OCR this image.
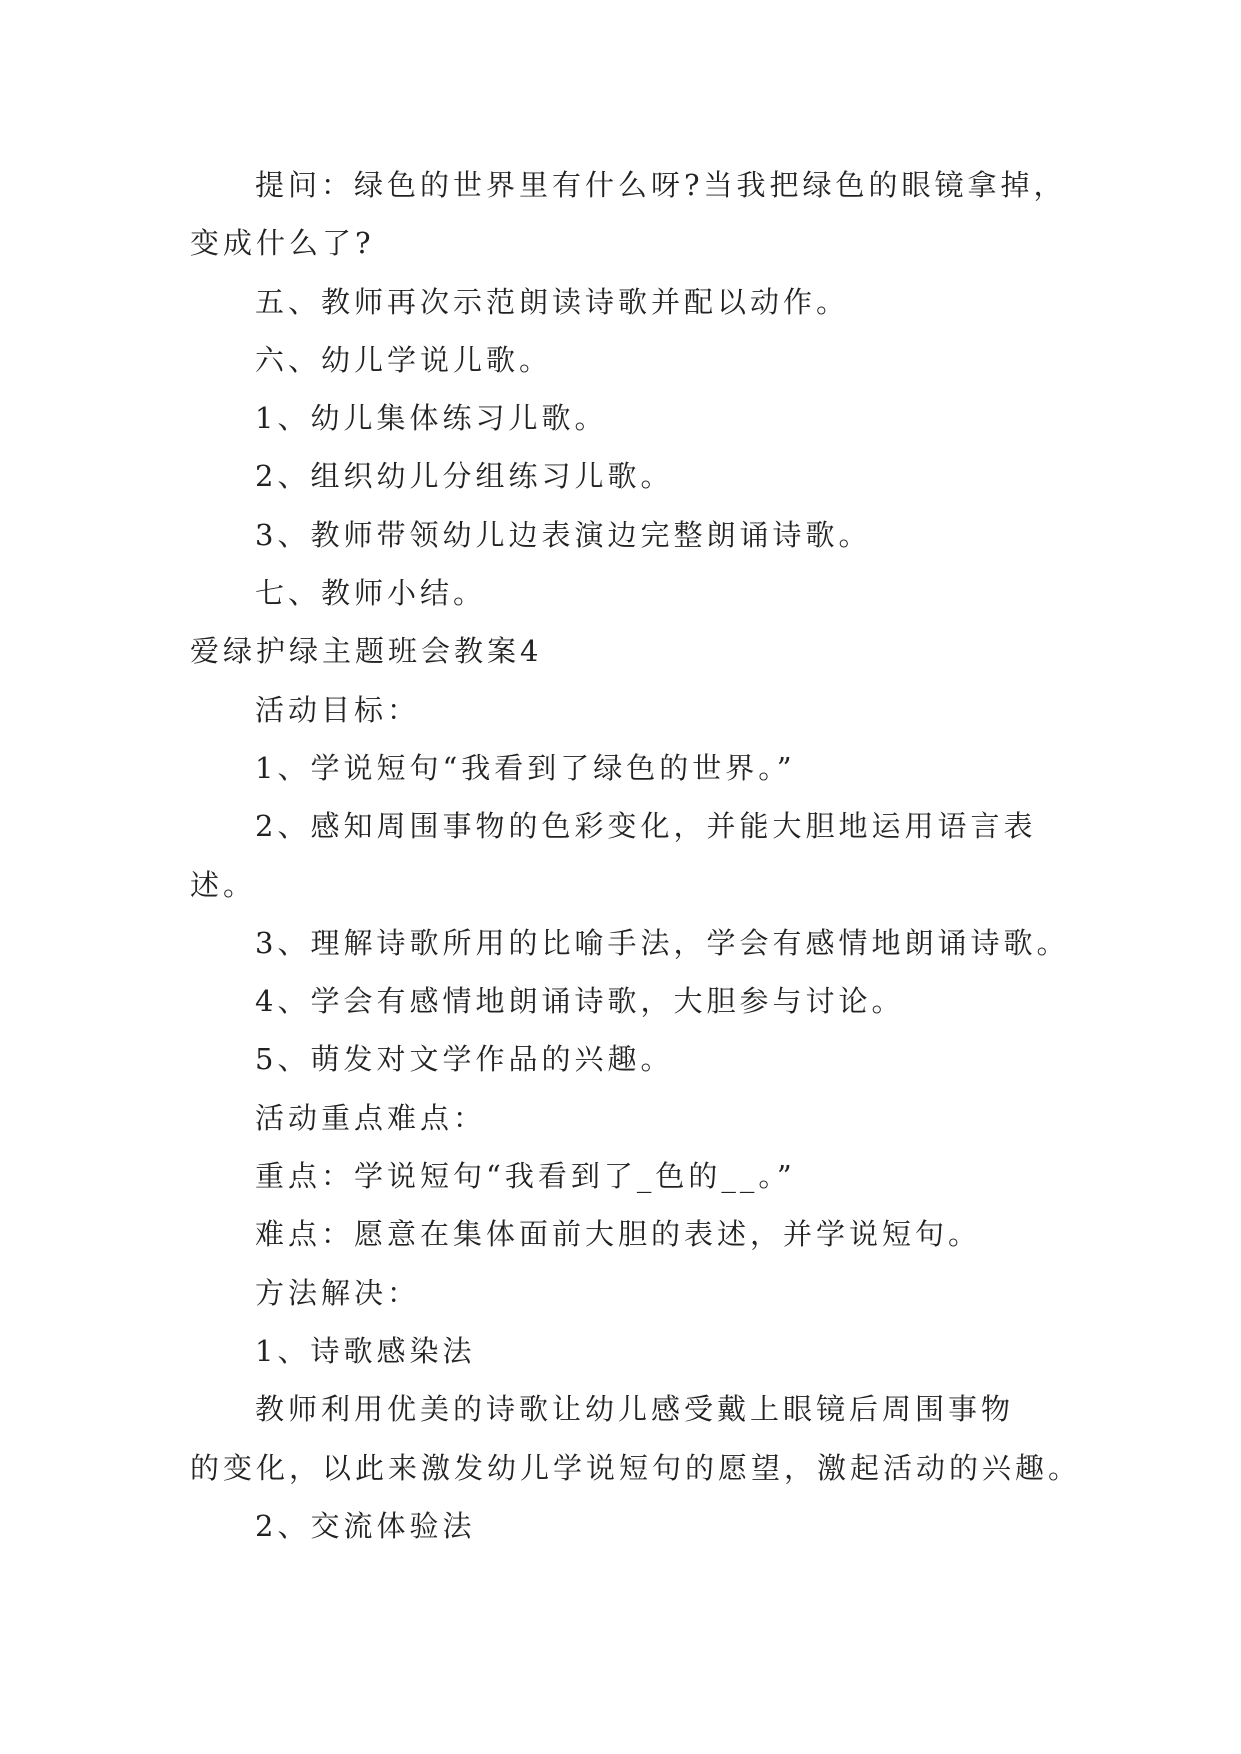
提问：绿色的世界里有什么呀?当我把绿色的眼镜拿掉，
变成什么了?
五、教师再次示范朗读诗歌并配以动作。
六、幼儿学说儿歌。
1、幼儿集体练习儿歌。
2、组织幼儿分组练习儿歌。
3、教师带领幼儿边表演边完整朗诵诗歌。
七、教师小结。
爱绿护绿主题班会教案4
活动目标：
1、学说短句“我看到了绿色的世界。”
2、感知周围事物的色彩变化，并能大胆地运用语言表
述。
3、理解诗歌所用的比喻手法，学会有感情地朗诵诗歌。
4、学会有感情地朗诵诗歌，大胆参与讨论。
5、萌发对文学作品的兴趣。
活动重点难点：
重点：学说短句“我看到了_色的__。”
难点：愿意在集体面前大胆的表述，并学说短句。
方法解决：
1、诗歌感染法
教师利用优美的诗歌让幼儿感受戴上眼镜后周围事物
的变化，以此来激发幼儿学说短句的愿望，激起活动的兴趣。
2、交流体验法
